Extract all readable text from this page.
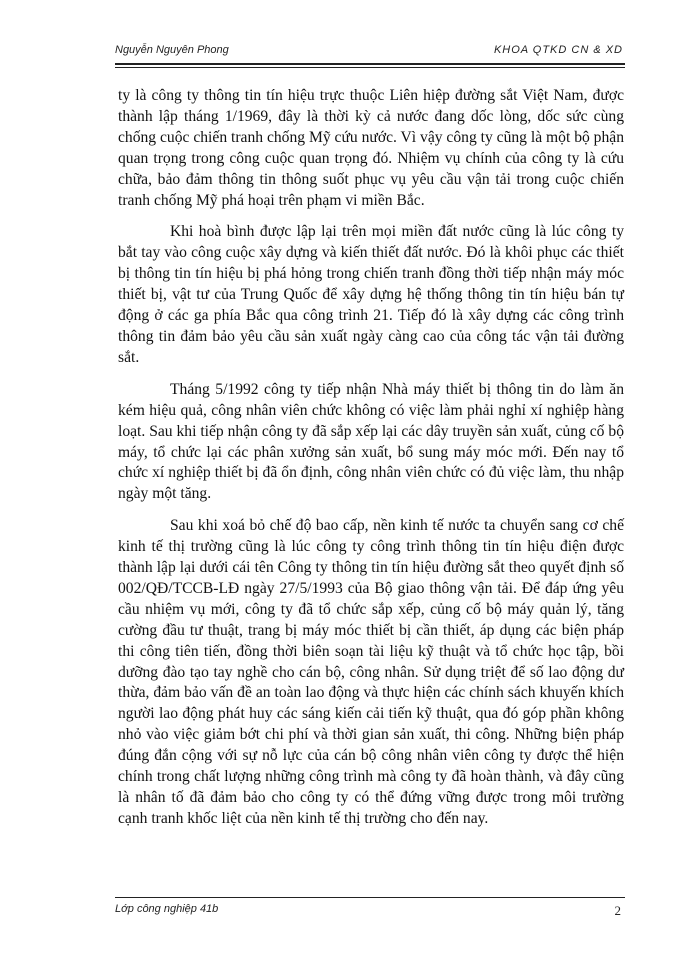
Nguyễn Nguyên Phong	KHOA QTKD CN & XD

ty là công ty thông tin tín hiệu trực thuộc Liên hiệp đường sắt Việt Nam, được thành lập tháng 1/1969, đây là thời kỳ cả nước đang dốc lòng, dốc sức cùng chống cuộc chiến tranh chống Mỹ cứu nước. Vì vậy công ty cũng là một bộ phận quan trọng trong công cuộc quan trọng đó. Nhiệm vụ chính của công ty là cứu chữa, bảo đảm thông tin thông suốt phục vụ yêu cầu vận tải trong cuộc chiến tranh chống Mỹ phá hoại trên phạm vi miền Bắc.

Khi hoà bình được lập lại trên mọi miền đất nước cũng là lúc công ty bắt tay vào công cuộc xây dựng và kiến thiết đất nước. Đó là khôi phục các thiết bị thông tin tín hiệu bị phá hỏng trong chiến tranh đồng thời tiếp nhận máy móc thiết bị, vật tư của Trung Quốc để xây dựng hệ thống thông tin tín hiệu bán tự động ở các ga phía Bắc qua công trình 21. Tiếp đó là xây dựng các công trình thông tin đảm bảo yêu cầu sản xuất ngày càng cao của công tác vận tải đường sắt.

Tháng 5/1992 công ty tiếp nhận Nhà máy thiết bị thông tin do làm ăn kém hiệu quả, công nhân viên chức không có việc làm phải nghỉ xí nghiệp hàng loạt. Sau khi tiếp nhận công ty đã sắp xếp lại các dây truyền sản xuất, củng cố bộ máy, tổ chức lại các phân xưởng sản xuất, bổ sung máy móc mới. Đến nay tổ chức xí nghiệp thiết bị đã ổn định, công nhân viên chức có đủ việc làm, thu nhập ngày một tăng.

Sau khi xoá bỏ chế độ bao cấp, nền kinh tế nước ta chuyển sang cơ chế kinh tế thị trường cũng là lúc công ty công trình thông tin tín hiệu điện được thành lập lại dưới cái tên Công ty thông tin tín hiệu đường sắt theo quyết định số 002/QĐ/TCCB-LĐ ngày 27/5/1993 của Bộ giao thông vận tải. Để đáp ứng yêu cầu nhiệm vụ mới, công ty đã tổ chức sắp xếp, củng cố bộ máy quản lý, tăng cường đầu tư thuật, trang bị máy móc thiết bị cần thiết, áp dụng các biện pháp thi công tiên tiến, đồng thời biên soạn tài liệu kỹ thuật và tổ chức học tập, bồi dưỡng đào tạo tay nghề cho cán bộ, công nhân. Sử dụng triệt để số lao động dư thừa, đảm bảo vấn đề an toàn lao động và thực hiện các chính sách khuyến khích người lao động phát huy các sáng kiến cải tiến kỹ thuật, qua đó góp phần không nhỏ vào việc giảm bớt chi phí và thời gian sản xuất, thi công. Những biện pháp đúng đắn cộng với sự nỗ lực của cán bộ công nhân viên công ty được thể hiện chính trong chất lượng những công trình mà công ty đã hoàn thành, và đây cũng là nhân tố đã đảm bảo cho công ty có thể đứng vững được trong môi trường cạnh tranh khốc liệt của nền kinh tế thị trường cho đến nay.

Lớp công nghiệp 41b	2
